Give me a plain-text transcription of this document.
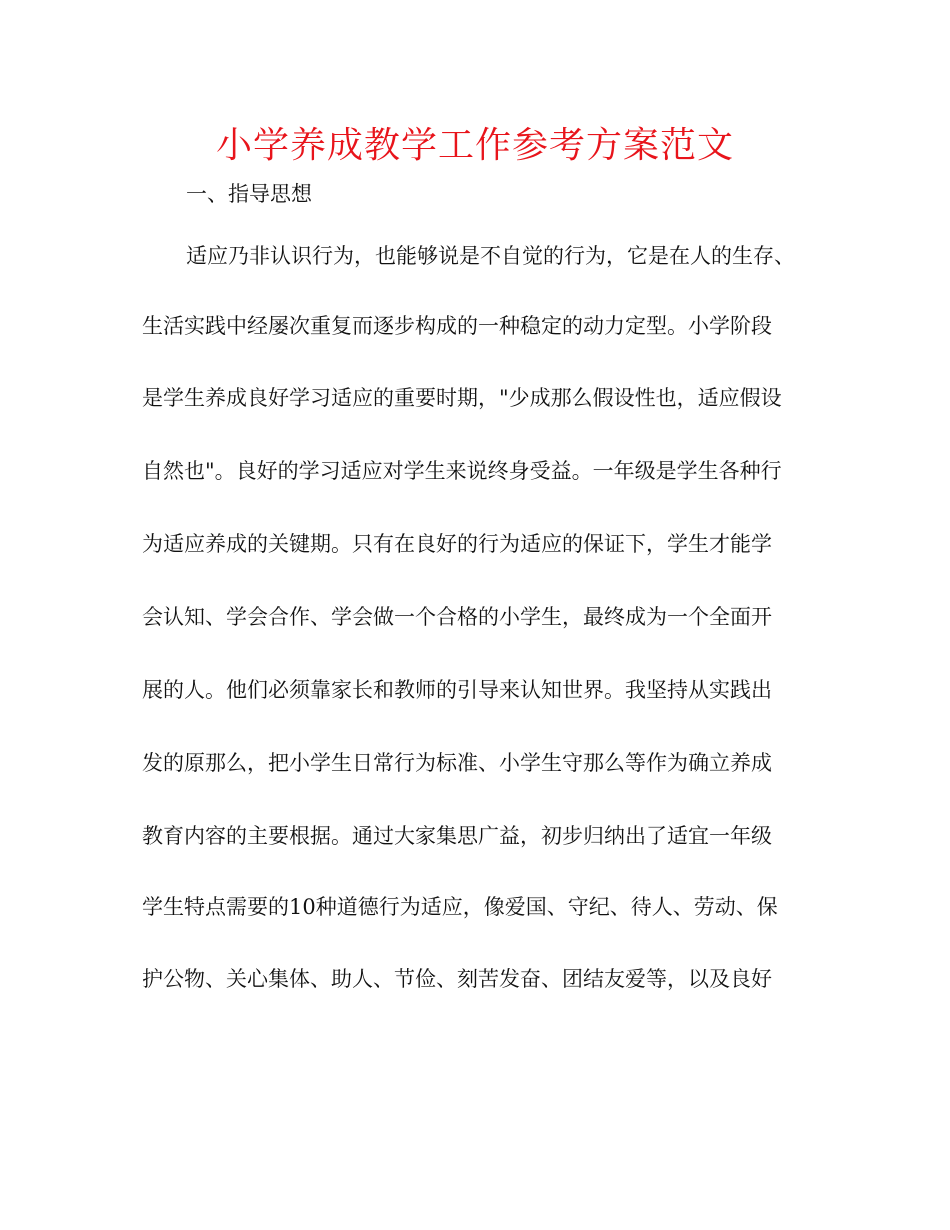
小学养成教学工作参考方案范文
一、指导思想
适应乃非认识行为，也能够说是不自觉的行为，它是在人的生存、
生活实践中经屡次重复而逐步构成的一种稳定的动力定型。小学阶段
是学生养成良好学习适应的重要时期，"少成那么假设性也，适应假设
自然也"。良好的学习适应对学生来说终身受益。一年级是学生各种行
为适应养成的关键期。只有在良好的行为适应的保证下，学生才能学
会认知、学会合作、学会做一个合格的小学生，最终成为一个全面开
展的人。他们必须靠家长和教师的引导来认知世界。我坚持从实践出
发的原那么，把小学生日常行为标准、小学生守那么等作为确立养成
教育内容的主要根据。通过大家集思广益，初步归纳出了适宜一年级
学生特点需要的10种道德行为适应，像爱国、守纪、待人、劳动、保
护公物、关心集体、助人、节俭、刻苦发奋、团结友爱等，以及良好
